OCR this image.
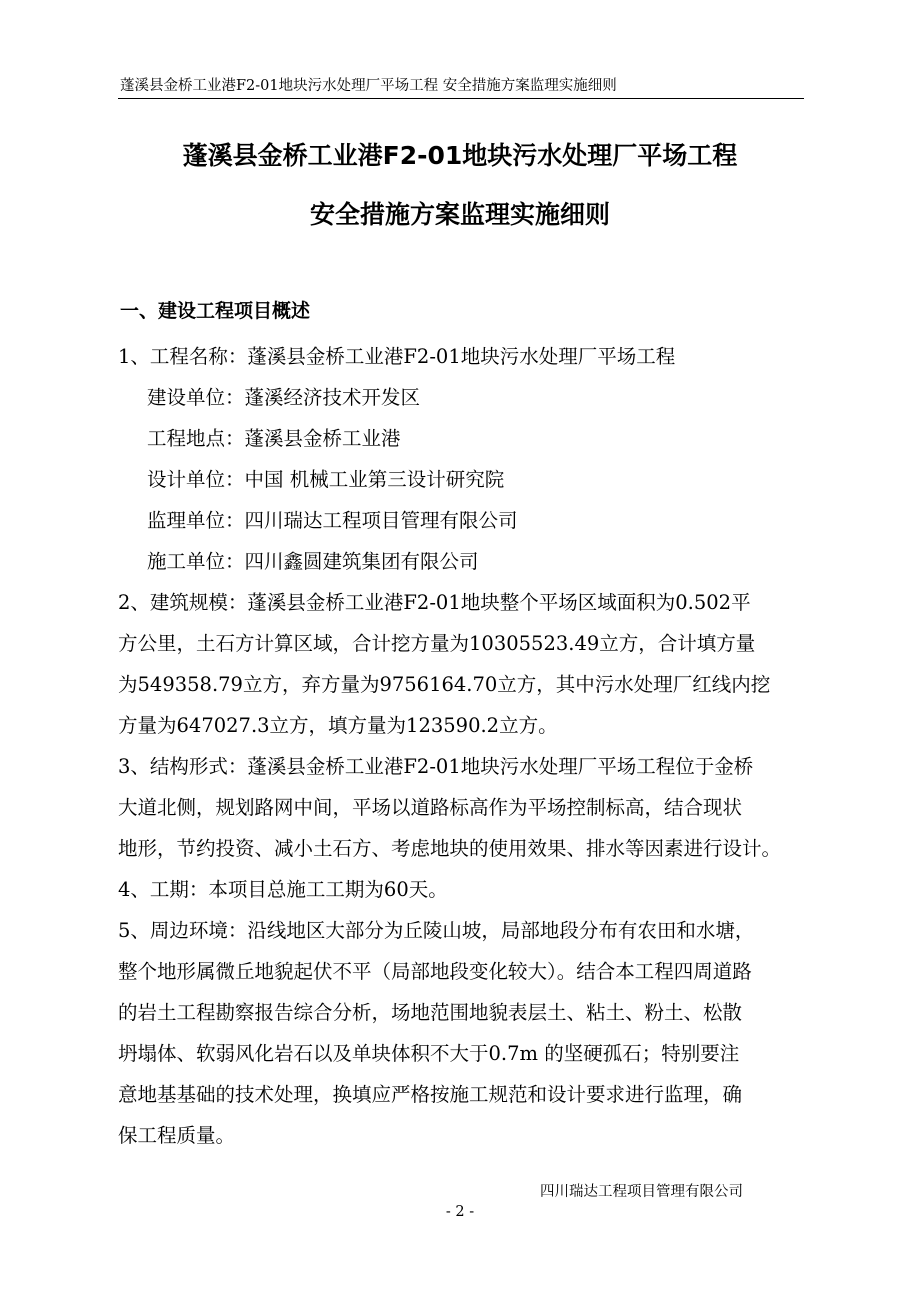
蓬溪县金桥工业港F2-01地块污水处理厂平场工程 安全措施方案监理实施细则
蓬溪县金桥工业港F2-01地块污水处理厂平场工程
安全措施方案监理实施细则
一、建设工程项目概述
1、工程名称：蓬溪县金桥工业港F2-01地块污水处理厂平场工程
建设单位：蓬溪经济技术开发区
工程地点：蓬溪县金桥工业港
设计单位：中国 机械工业第三设计研究院
监理单位：四川瑞达工程项目管理有限公司
施工单位：四川鑫圆建筑集团有限公司
2、建筑规模：蓬溪县金桥工业港F2-01地块整个平场区域面积为0.502平
方公里，土石方计算区域，合计挖方量为10305523.49立方，合计填方量
为549358.79立方，弃方量为9756164.70立方，其中污水处理厂红线内挖
方量为647027.3立方，填方量为123590.2立方。
3、结构形式：蓬溪县金桥工业港F2-01地块污水处理厂平场工程位于金桥
大道北侧，规划路网中间，平场以道路标高作为平场控制标高，结合现状
地形，节约投资、减小土石方、考虑地块的使用效果、排水等因素进行设计。
4、工期：本项目总施工工期为60天。
5、周边环境：沿线地区大部分为丘陵山坡，局部地段分布有农田和水塘，
整个地形属微丘地貌起伏不平（局部地段变化较大）。结合本工程四周道路
的岩土工程勘察报告综合分析，场地范围地貌表层土、粘土、粉土、松散
坍塌体、软弱风化岩石以及单块体积不大于0.7m 的坚硬孤石；特别要注
意地基基础的技术处理，换填应严格按施工规范和设计要求进行监理，确
保工程质量。
四川瑞达工程项目管理有限公司
- 2 -
